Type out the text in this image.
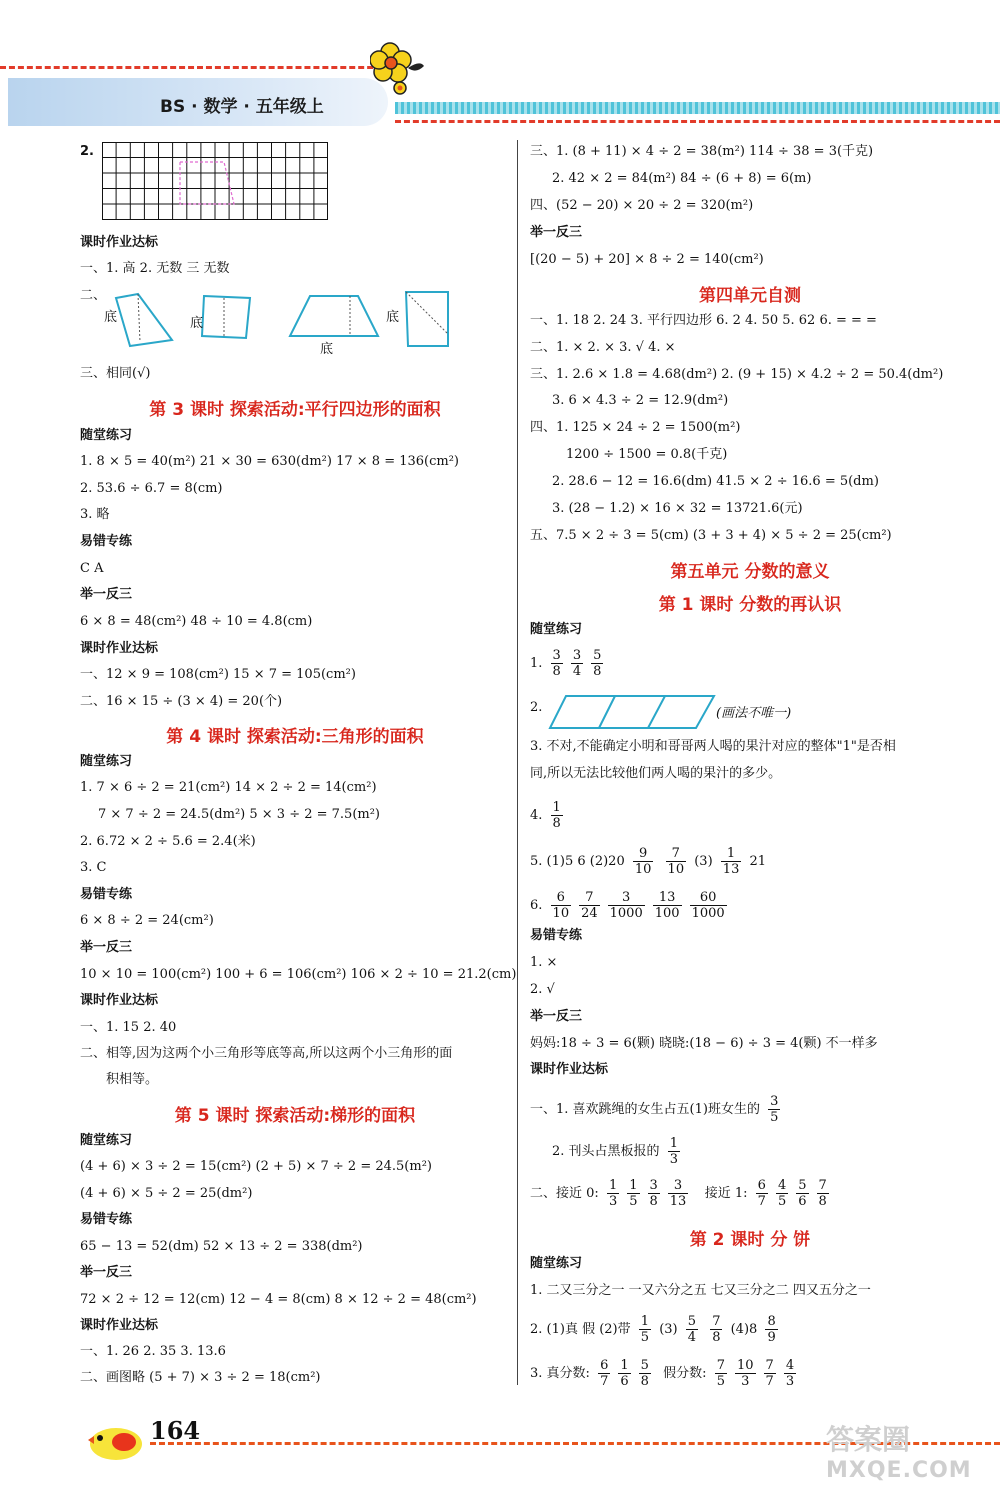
BS · 数学 · 五年级上
2.
课时作业达标
一、1. 高 2. 无数 三 无数
二、
底	底
底
底
三、相同(√)
第 3 课时 探索活动:平行四边形的面积
随堂练习
1. 8 × 5 = 40(m²) 21 × 30 = 630(dm²) 17 × 8 = 136(cm²)
2. 53.6 ÷ 6.7 = 8(cm)
3. 略
易错专练
C A
举一反三
6 × 8 = 48(cm²) 48 ÷ 10 = 4.8(cm)
课时作业达标
一、12 × 9 = 108(cm²) 15 × 7 = 105(cm²)
二、16 × 15 ÷ (3 × 4) = 20(个)
第 4 课时 探索活动:三角形的面积
随堂练习
1. 7 × 6 ÷ 2 = 21(cm²) 14 × 2 ÷ 2 = 14(cm²)
7 × 7 ÷ 2 = 24.5(dm²) 5 × 3 ÷ 2 = 7.5(m²)
2. 6.72 × 2 ÷ 5.6 = 2.4(米)
3. C
易错专练
6 × 8 ÷ 2 = 24(cm²)
举一反三
10 × 10 = 100(cm²) 100 + 6 = 106(cm²) 106 × 2 ÷ 10 = 21.2(cm)
课时作业达标
一、1. 15 2. 40
二、相等,因为这两个小三角形等底等高,所以这两个小三角形的面
积相等。
第 5 课时 探索活动:梯形的面积
随堂练习
(4 + 6) × 3 ÷ 2 = 15(cm²) (2 + 5) × 7 ÷ 2 = 24.5(m²)
(4 + 6) × 5 ÷ 2 = 25(dm²)
易错专练
65 − 13 = 52(dm) 52 × 13 ÷ 2 = 338(dm²)
举一反三
72 × 2 ÷ 12 = 12(cm) 12 − 4 = 8(cm) 8 × 12 ÷ 2 = 48(cm²)
课时作业达标
一、1. 26 2. 35 3. 13.6
二、画图略 (5 + 7) × 3 ÷ 2 = 18(cm²)
三、1. (8 + 11) × 4 ÷ 2 = 38(m²) 114 ÷ 38 = 3(千克)
2. 42 × 2 = 84(m²) 84 ÷ (6 + 8) = 6(m)
四、(52 − 20) × 20 ÷ 2 = 320(m²)
举一反三
[(20 − 5) + 20] × 8 ÷ 2 = 140(cm²)
第四单元自测
一、1. 18 2. 24 3. 平行四边形 6. 2 4. 50 5. 62 6. = = =
二、1. × 2. × 3. √ 4. ×
三、1. 2.6 × 1.8 = 4.68(dm²) 2. (9 + 15) × 4.2 ÷ 2 = 50.4(dm²)
3. 6 × 4.3 ÷ 2 = 12.9(dm²)
四、1. 125 × 24 ÷ 2 = 1500(m²)
1200 ÷ 1500 = 0.8(千克)
2. 28.6 − 12 = 16.6(dm) 41.5 × 2 ÷ 16.6 = 5(dm)
3. (28 − 1.2) × 16 × 32 = 13721.6(元)
五、7.5 × 2 ÷ 3 = 5(cm) (3 + 3 + 4) × 5 ÷ 2 = 25(cm²)
第五单元 分数的意义
第 1 课时 分数的再认识
随堂练习
1. $\frac{3}{8} \frac{3}{4} \frac{5}{8}$
2.	(画法不唯一)
3. 不对,不能确定小明和哥哥两人喝的果汁对应的整体"1"是否相
同,所以无法比较他们两人喝的果汁的多少。
4. $\frac{1}{8}$
5. (1)5 6 $(2)20 \frac{9}{10}$
$\frac{7}{10} (3) \frac{1}{13} 21$
6. $\frac{6}{10} \frac{7}{24} \frac{3}{1000} \frac{13}{100} \frac{60}{1000}$
易错专练
1. ×
2. √
举一反三
妈妈:18 ÷ 3 = 6(颗) 晓晓:(18 − 6) ÷ 3 = 4(颗) 不一样多
课时作业达标
一、1. 喜欢跳绳的女生占五(1)班女生的 $\frac{3}{5}$
2. 刊头占黑板报的 $\frac{1}{3}$
二、接近 0: $\frac{1}{3} \frac{1}{5} \frac{3}{8} \frac{3}{13}$ 接近 1: $\frac{6}{7} \frac{4}{5} \frac{5}{6} \frac{7}{8}$
第 2 课时 分 饼
随堂练习
1. 二又三分之一 一又六分之五 七又三分之二 四又五分之一
2. (1)真 假 (2)带 $\frac{1}{5} (3) \frac{5}{4}$
$\frac{7}{8} (4)8 \frac{8}{9}$
3. 真分数: $\frac{6}{7} \frac{1}{6} \frac{5}{8}$ 假分数: $\frac{7}{5} \frac{10}{3} \frac{7}{7} \frac{4}{3}$
164	答案圈
MXQE.COM
